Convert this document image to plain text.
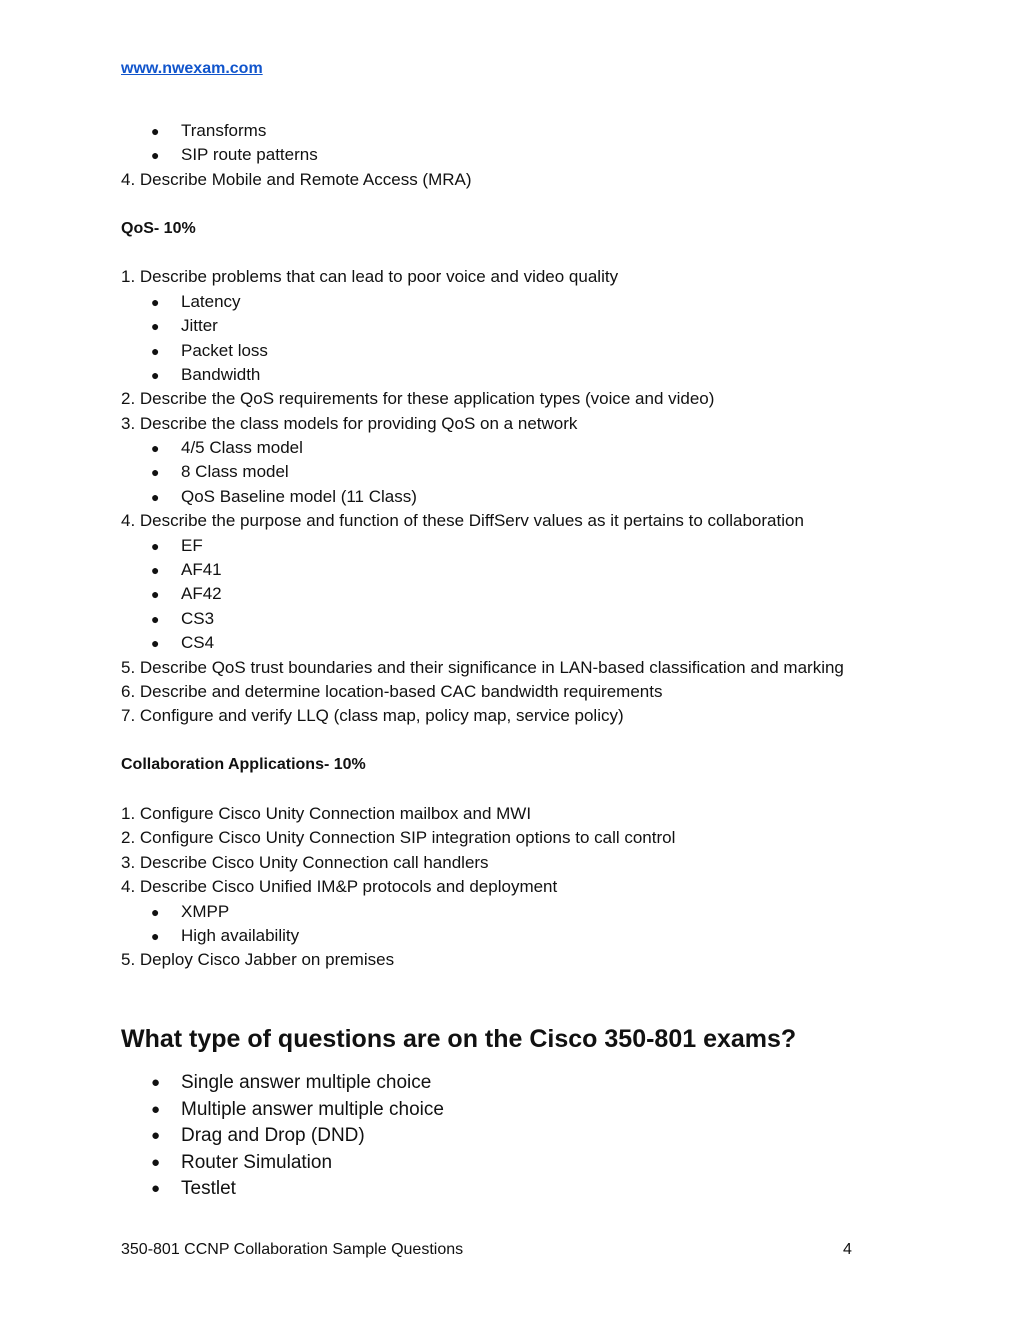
www.nwexam.com
● Transforms
● SIP route patterns
4. Describe Mobile and Remote Access (MRA)
QoS- 10%
1. Describe problems that can lead to poor voice and video quality
● Latency
● Jitter
● Packet loss
● Bandwidth
2. Describe the QoS requirements for these application types (voice and video)
3. Describe the class models for providing QoS on a network
● 4/5 Class model
● 8 Class model
● QoS Baseline model (11 Class)
4. Describe the purpose and function of these DiffServ values as it pertains to collaboration
● EF
● AF41
● AF42
● CS3
● CS4
5. Describe QoS trust boundaries and their significance in LAN-based classification and marking
6. Describe and determine location-based CAC bandwidth requirements
7. Configure and verify LLQ (class map, policy map, service policy)
Collaboration Applications- 10%
1. Configure Cisco Unity Connection mailbox and MWI
2. Configure Cisco Unity Connection SIP integration options to call control
3. Describe Cisco Unity Connection call handlers
4. Describe Cisco Unified IM&P protocols and deployment
● XMPP
● High availability
5. Deploy Cisco Jabber on premises
What type of questions are on the Cisco 350-801 exams?
● Single answer multiple choice
● Multiple answer multiple choice
● Drag and Drop (DND)
● Router Simulation
● Testlet
350-801 CCNP Collaboration Sample Questions	4
